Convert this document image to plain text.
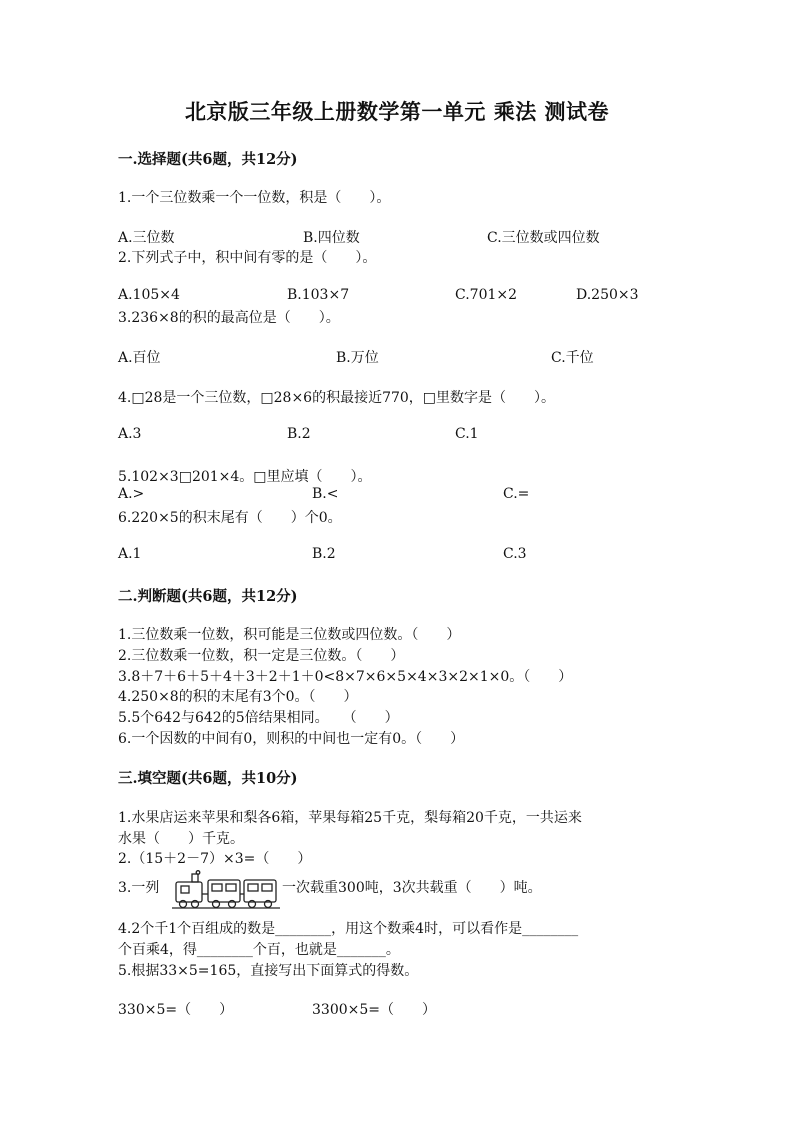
北京版三年级上册数学第一单元 乘法 测试卷
一.选择题(共6题，共12分)
1.一个三位数乘一个一位数，积是（　　）。
A.三位数	B.四位数	C.三位数或四位数
2.下列式子中，积中间有零的是（　　）。
A.105×4	B.103×7	C.701×2	D.250×3
3.236×8的积的最高位是（　　）。
A.百位	B.万位	C.千位
4.□28是一个三位数，□28×6的积最接近770，□里数字是（　　）。
A.3	B.2	C.1
5.102×3□201×4。□里应填（　　）。
A.>	B.<	C.=
6.220×5的积末尾有（　　）个0。
A.1	B.2	C.3
二.判断题(共6题，共12分)
1.三位数乘一位数，积可能是三位数或四位数。（　　）
2.三位数乘一位数，积一定是三位数。（　　）
3.8＋7＋6＋5＋4＋3＋2＋1＋0<8×7×6×5×4×3×2×1×0。（　　）
4.250×8的积的末尾有3个0。（　　）
5.5个642与642的5倍结果相同。　　（　　）
6.一个因数的中间有0，则积的中间也一定有0。（　　）
三.填空题(共6题，共10分)
1.水果店运来苹果和梨各6箱，苹果每箱25千克，梨每箱20千克，一共运来
水果（　　）千克。
2.（15＋2－7）×3=（　　）
3.一列	一次载重300吨，3次共载重（　　）吨。
4.2个千1个百组成的数是________，用这个数乘4时，可以看作是________
个百乘4，得________个百，也就是_______。
5.根据33×5=165，直接写出下面算式的得数。
330×5=（　　）	3300×5=（　　）
